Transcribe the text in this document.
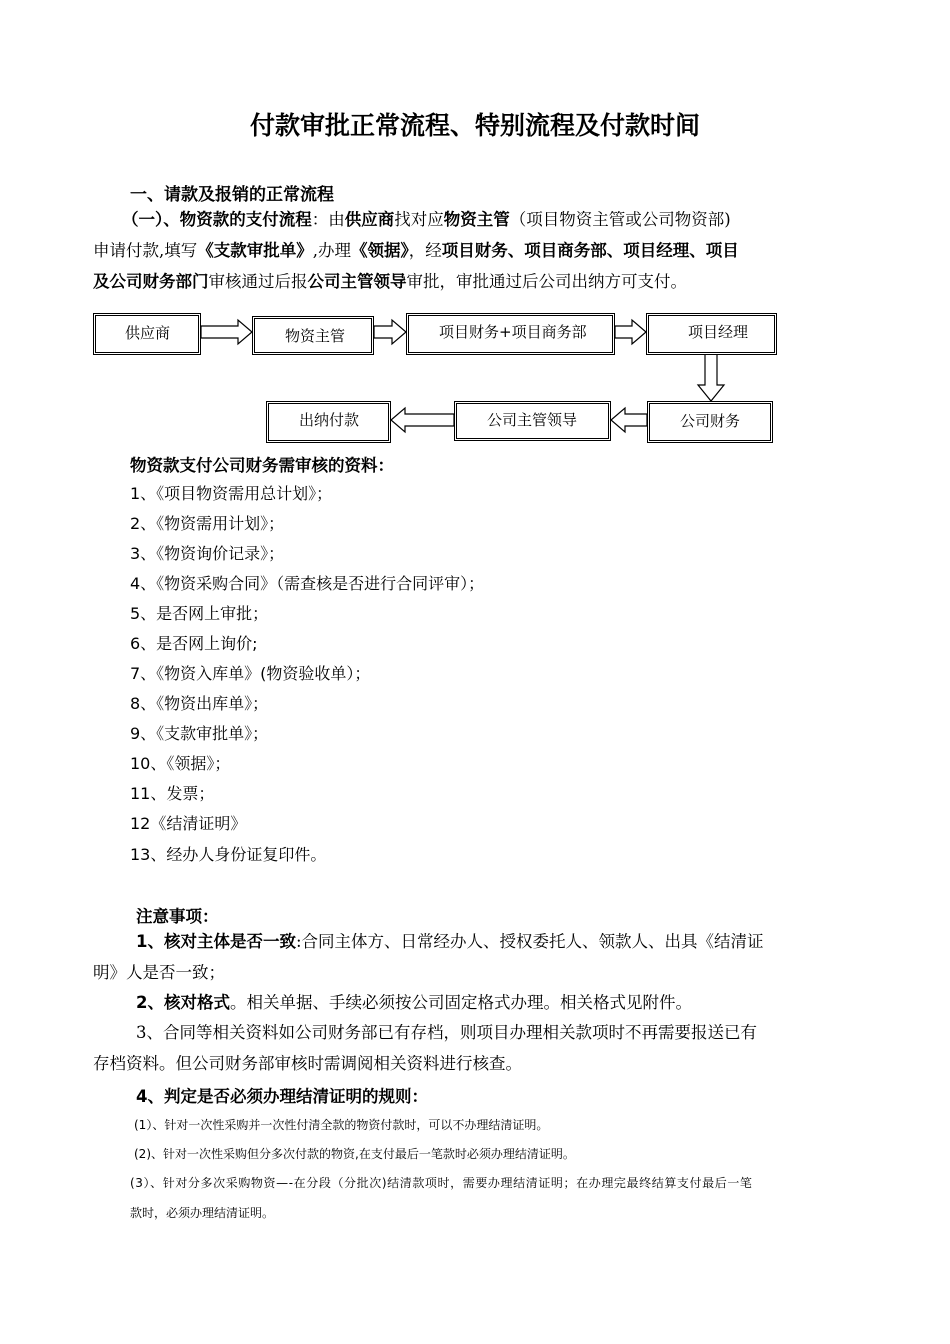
付款审批正常流程、特别流程及付款时间
一、请款及报销的正常流程
（一）、物资款的支付流程：由供应商找对应物资主管（项目物资主管或公司物资部)
申请付款,填写《支款审批单》,办理《领据》，经项目财务、项目商务部、项目经理、项目
及公司财务部门审核通过后报公司主管领导审批，审批通过后公司出纳方可支付。
供应商	物资主管	项目财务+项目商务部	项目经理
公司财务
公司主管领导
出纳付款
物资款支付公司财务需审核的资料：
1、《项目物资需用总计划》；
2、《物资需用计划》；
3、《物资询价记录》；
4、《物资采购合同》（需查核是否进行合同评审）；
5、是否网上审批；
6、是否网上询价;
7、《物资入库单》(物资验收单）；
8、《物资出库单》；
9、《支款审批单》；
10、《领据》；
11、发票；
12《结清证明》
13、经办人身份证复印件。
注意事项：
1、核对主体是否一致:合同主体方、日常经办人、授权委托人、领款人、出具《结清证
明》人是否一致；
2、核对格式。相关单据、手续必须按公司固定格式办理。相关格式见附件。
3、合同等相关资料如公司财务部已有存档，则项目办理相关款项时不再需要报送已有
存档资料。但公司财务部审核时需调阅相关资料进行核查。
4、判定是否必须办理结清证明的规则：
(1）、针对一次性采购并一次性付清全款的物资付款时，可以不办理结清证明。
(2)、针对一次性采购但分多次付款的物资,在支付最后一笔款时必须办理结清证明。
(3）、针对分多次采购物资—-在分段（分批次)结清款项时，需要办理结清证明；在办理完最终结算支付最后一笔
款时，必须办理结清证明。
